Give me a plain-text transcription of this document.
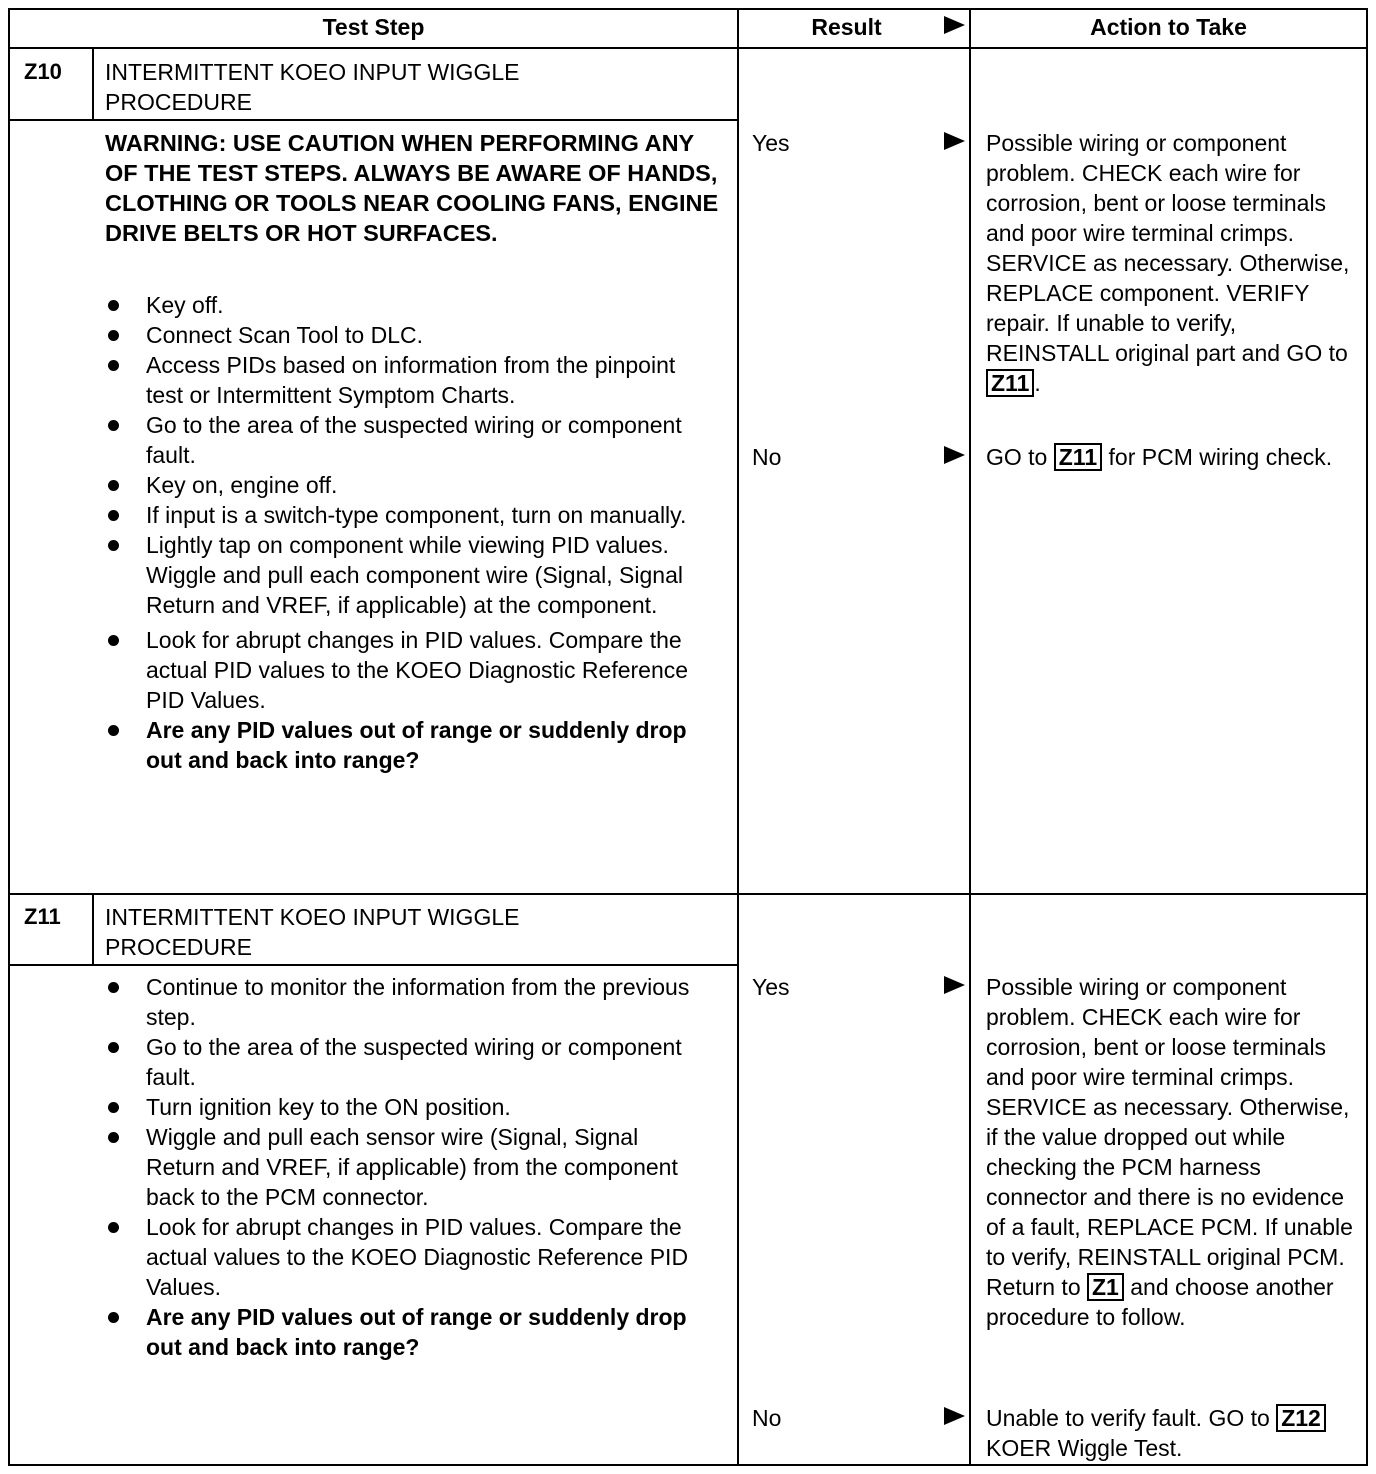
Test Step	Result	Action to Take
Z10 INTERMITTENT KOEO INPUT WIGGLE
PROCEDURE

WARNING: USE CAUTION WHEN PERFORMING ANY OF THE TEST STEPS. ALWAYS BE AWARE OF HANDS, CLOTHING OR TOOLS NEAR COOLING FANS, ENGINE DRIVE BELTS OR HOT SURFACES.

Key off.
Connect Scan Tool to DLC.
Access PIDs based on information from the pinpoint test or Intermittent Symptom Charts.
Go to the area of the suspected wiring or component fault.
Key on, engine off.
If input is a switch-type component, turn on manually.
Lightly tap on component while viewing PID values. Wiggle and pull each component wire (Signal, Signal Return and VREF, if applicable) at the component.
Look for abrupt changes in PID values. Compare the actual PID values to the KOEO Diagnostic Reference PID Values.
Are any PID values out of range or suddenly drop out and back into range?
Yes	Possible wiring or component problem. CHECK each wire for corrosion, bent or loose terminals and poor wire terminal crimps. SERVICE as necessary. Otherwise, REPLACE component. VERIFY repair. If unable to verify, REINSTALL original part and GO to Z11 .

No	GO to Z11 for PCM wiring check.

Z11 INTERMITTENT KOEO INPUT WIGGLE
PROCEDURE
Continue to monitor the information from the previous step.
Go to the area of the suspected wiring or component fault.
Turn ignition key to the ON position.
Wiggle and pull each sensor wire (Signal, Signal Return and VREF, if applicable) from the component back to the PCM connector.
Look for abrupt changes in PID values. Compare the actual values to the KOEO Diagnostic Reference PID Values.
Are any PID values out of range or suddenly drop out and back into range?
Yes	Possible wiring or component problem. CHECK each wire for corrosion, bent or loose terminals and poor wire terminal crimps. SERVICE as necessary. Otherwise, if the value dropped out while checking the PCM harness connector and there is no evidence of a fault, REPLACE PCM. If unable to verify, REINSTALL original PCM. Return to Z1 and choose another procedure to follow.

No	Unable to verify fault. GO to Z12 KOER Wiggle Test.
